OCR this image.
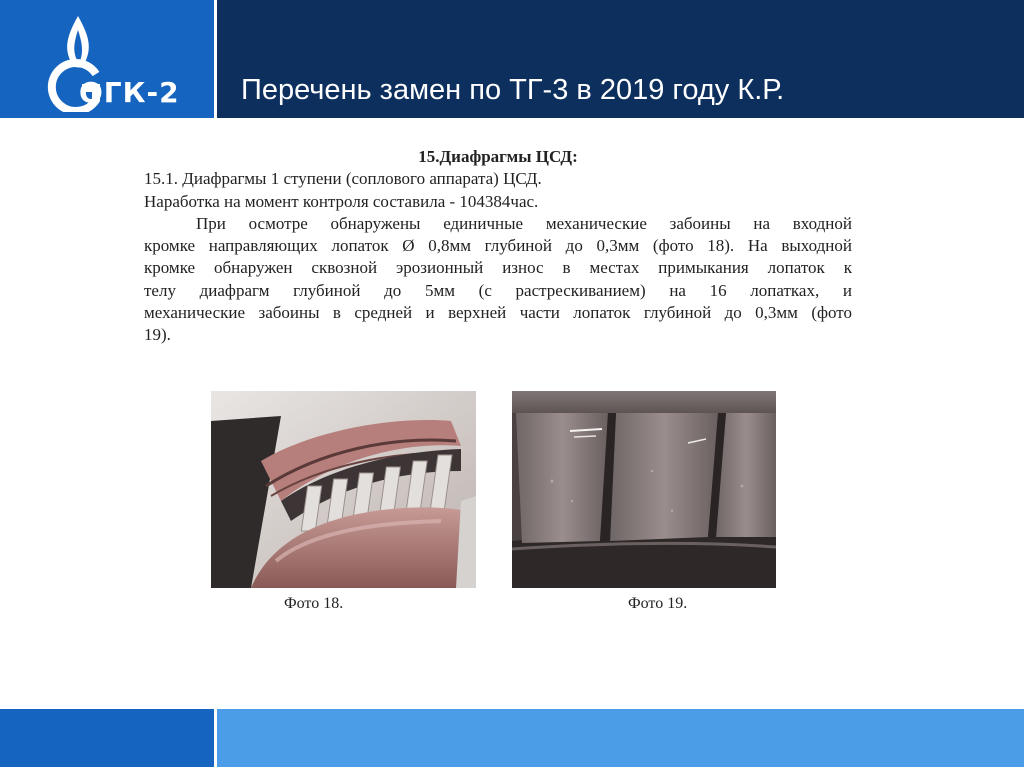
ОГК-2 Перечень замен по ТГ-3 в 2019 году К.Р.

15.Диафрагмы ЦСД:

15.1. Диафрагмы 1 ступени (соплового аппарата) ЦСД.

Наработка на момент контроля составила - 104384час.

При осмотре обнаружены единичные механические забоины на входной

кромке направляющих лопаток Ø 0,8мм глубиной до 0,3мм (фото 18). На выходной

кромке обнаружен сквозной эрозионный износ в местах примыкания лопаток к

телу диафрагм глубиной до 5мм (с растрескиванием) на 16 лопатках, и

механические забоины в средней и верхней части лопаток глубиной до 0,3мм (фото

19).

Фото 18.	Фото 19.
